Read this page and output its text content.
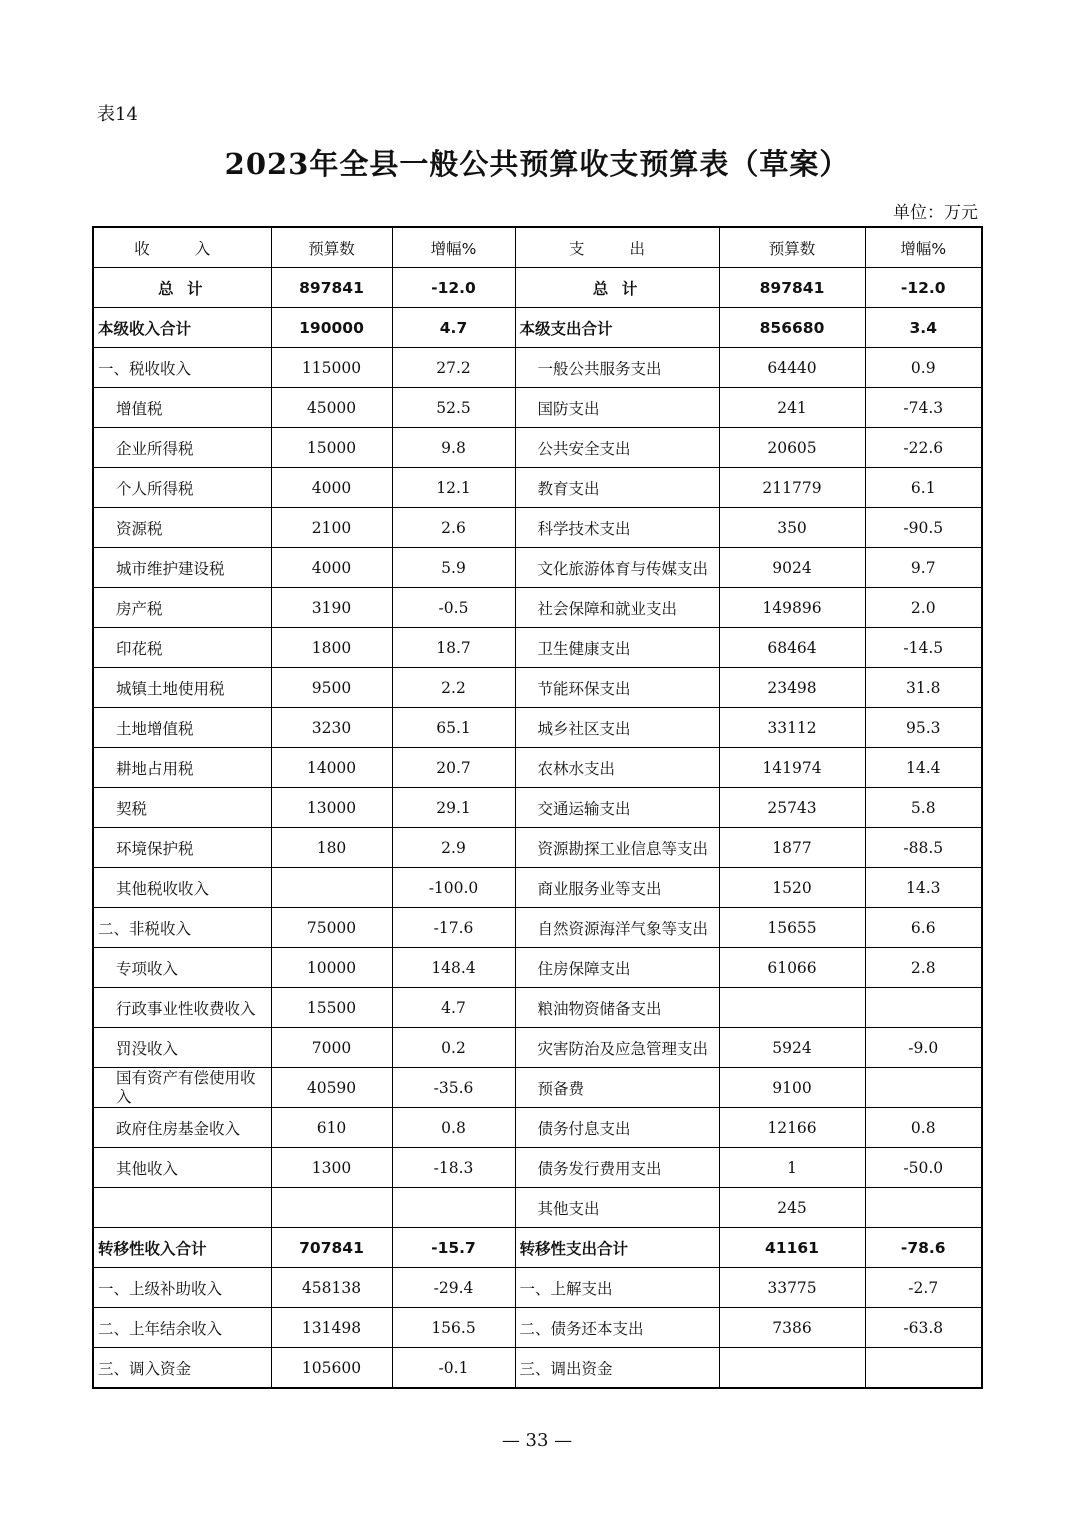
表14
2023年全县一般公共预算收支预算表（草案）
单位：万元
收 入	预算数	增幅%	支 出	预算数	增幅%
总 计	897841	-12.0	总 计	897841	-12.0
本级收入合计	190000	4.7	本级支出合计	856680	3.4
一、税收收入	115000	27.2	一般公共服务支出	64440	0.9
增值税	45000	52.5	国防支出	241	-74.3
企业所得税	15000	9.8	公共安全支出	20605	-22.6
个人所得税	4000	12.1	教育支出	211779	6.1
资源税	2100	2.6	科学技术支出	350	-90.5
城市维护建设税	4000	5.9	文化旅游体育与传媒支出	9024	9.7
房产税	3190	-0.5	社会保障和就业支出	149896	2.0
印花税	1800	18.7	卫生健康支出	68464	-14.5
城镇土地使用税	9500	2.2	节能环保支出	23498	31.8
土地增值税	3230	65.1	城乡社区支出	33112	95.3
耕地占用税	14000	20.7	农林水支出	141974	14.4
契税	13000	29.1	交通运输支出	25743	5.8
环境保护税	180	2.9	资源勘探工业信息等支出	1877	-88.5
其他税收收入		-100.0	商业服务业等支出	1520	14.3
二、非税收入	75000	-17.6	自然资源海洋气象等支出	15655	6.6
专项收入	10000	148.4	住房保障支出	61066	2.8
行政事业性收费收入	15500	4.7	粮油物资储备支出		
罚没收入	7000	0.2	灾害防治及应急管理支出	5924	-9.0
国有资产有偿使用收入	40590	-35.6	预备费	9100	
政府住房基金收入	610	0.8	债务付息支出	12166	0.8
其他收入	1300	-18.3	债务发行费用支出	1	-50.0
			其他支出	245	
转移性收入合计	707841	-15.7	转移性支出合计	41161	-78.6
一、上级补助收入	458138	-29.4	一、上解支出	33775	-2.7
二、上年结余收入	131498	156.5	二、债务还本支出	7386	-63.8
三、调入资金	105600	-0.1	三、调出资金		
— 33 —
